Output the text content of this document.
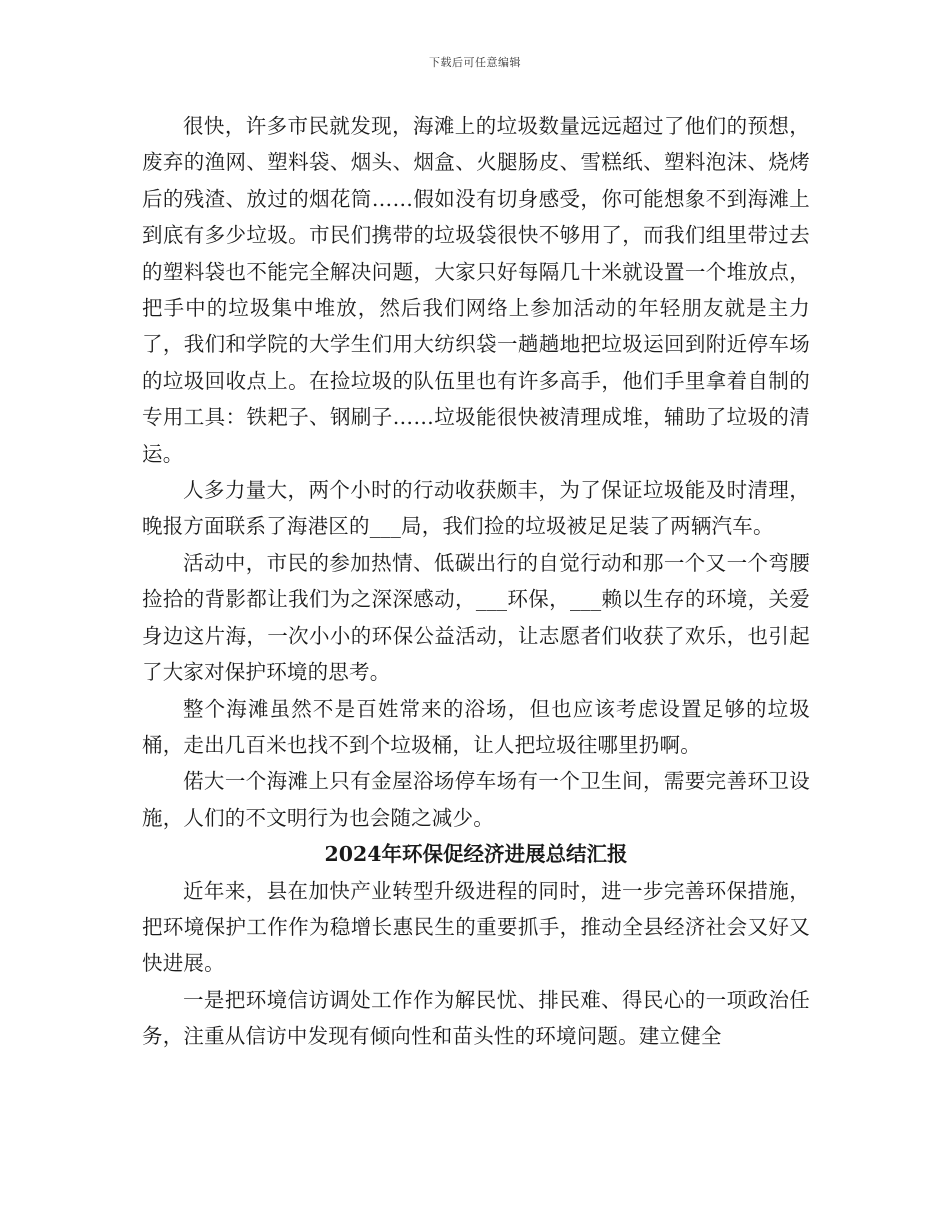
下载后可任意编辑

很快，许多市民就发现，海滩上的垃圾数量远远超过了他们的预想，废弃的渔网、塑料袋、烟头、烟盒、火腿肠皮、雪糕纸、塑料泡沫、烧烤后的残渣、放过的烟花筒……假如没有切身感受，你可能想象不到海滩上到底有多少垃圾。市民们携带的垃圾袋很快不够用了，而我们组里带过去的塑料袋也不能完全解决问题，大家只好每隔几十米就设置一个堆放点，把手中的垃圾集中堆放，然后我们网络上参加活动的年轻朋友就是主力了，我们和学院的大学生们用大纺织袋一趟趟地把垃圾运回到附近停车场的垃圾回收点上。在捡垃圾的队伍里也有许多高手，他们手里拿着自制的专用工具：铁耙子、钢刷子……垃圾能很快被清理成堆，辅助了垃圾的清运。

人多力量大，两个小时的行动收获颇丰，为了保证垃圾能及时清理，晚报方面联系了海港区的___局，我们捡的垃圾被足足装了两辆汽车。

活动中，市民的参加热情、低碳出行的自觉行动和那一个又一个弯腰捡拾的背影都让我们为之深深感动，___环保，___赖以生存的环境，关爱身边这片海，一次小小的环保公益活动，让志愿者们收获了欢乐，也引起了大家对保护环境的思考。

整个海滩虽然不是百姓常来的浴场，但也应该考虑设置足够的垃圾桶，走出几百米也找不到个垃圾桶，让人把垃圾往哪里扔啊。

偌大一个海滩上只有金屋浴场停车场有一个卫生间，需要完善环卫设施，人们的不文明行为也会随之减少。

2024年环保促经济进展总结汇报

近年来，县在加快产业转型升级进程的同时，进一步完善环保措施，把环境保护工作作为稳增长惠民生的重要抓手，推动全县经济社会又好又快进展。

一是把环境信访调处工作作为解民忧、排民难、得民心的一项政治任务，注重从信访中发现有倾向性和苗头性的环境问题。建立健全
